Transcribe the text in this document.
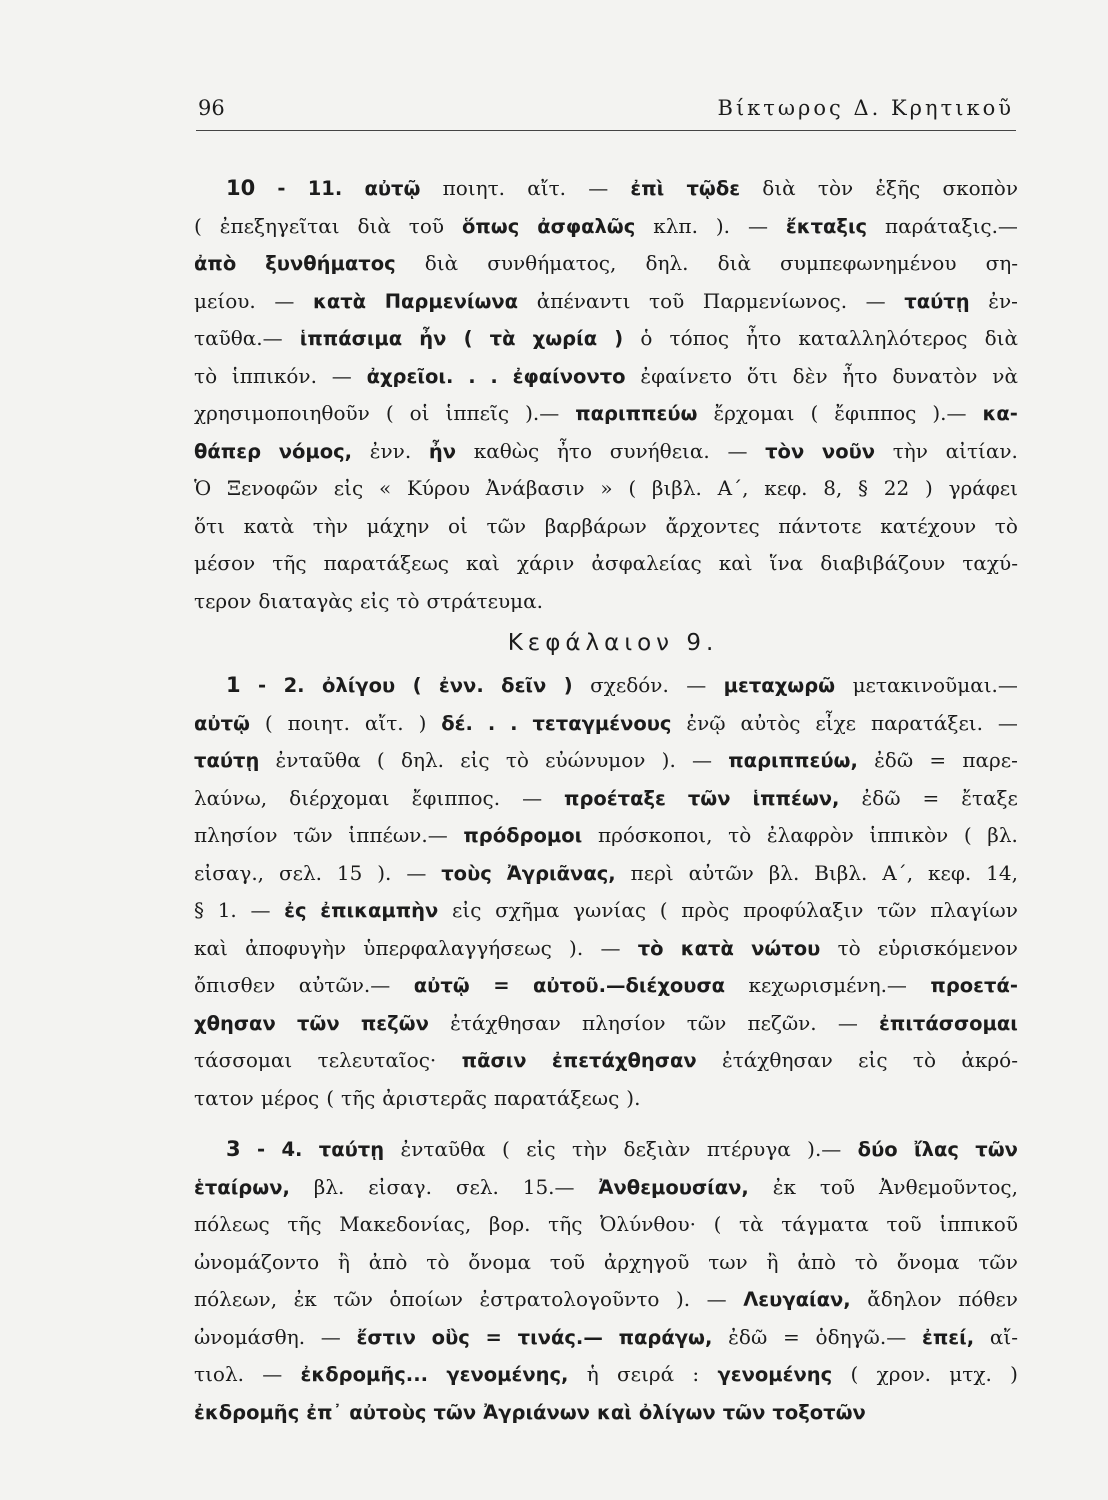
96	Βίκτωρος Δ. Κρητικοῦ
10 - 11. αὐτῷ ποιητ. αἴτ. — ἐπὶ τῷδε διὰ τὸν ἑξῆς σκοπὸν
( ἐπεξηγεῖται διὰ τοῦ ὅπως ἀσφαλῶς κλπ. ). — ἔκταξις παράταξις.—
ἀπὸ ξυνθήματος διὰ συνθήματος, δηλ. διὰ συμπεφωνημένου ση-
μείου. — κατὰ Παρμενίωνα ἀπέναντι τοῦ Παρμενίωνος. — ταύτῃ ἐν-
ταῦθα.— ἱππάσιμα ἦν ( τὰ χωρία ) ὁ τόπος ἦτο καταλληλότερος διὰ
τὸ ἱππικόν. — ἀχρεῖοι. . . ἐφαίνοντο ἐφαίνετο ὅτι δὲν ἦτο δυνατὸν νὰ
χρησιμοποιηθοῦν ( οἱ ἱππεῖς ).— παριππεύω ἔρχομαι ( ἔφιππος ).— κα-
θάπερ νόμος, ἐνν. ἦν καθὼς ἦτο συνήθεια. — τὸν νοῦν τὴν αἰτίαν.
Ὁ Ξενοφῶν εἰς « Κύρου Ἀνάβασιν » ( βιβλ. Α΄, κεφ. 8, § 22 ) γράφει
ὅτι κατὰ τὴν μάχην οἱ τῶν βαρβάρων ἄρχοντες πάντοτε κατέχουν τὸ
μέσον τῆς παρατάξεως καὶ χάριν ἀσφαλείας καὶ ἵνα διαβιβάζουν ταχύ-
τερον διαταγὰς εἰς τὸ στράτευμα.
Κεφάλαιον 9.
1 - 2. ὀλίγου ( ἐνν. δεῖν ) σχεδόν. — μεταχωρῶ μετακινοῦμαι.—
αὐτῷ ( ποιητ. αἴτ. ) δέ. . . τεταγμένους ἐνῷ αὐτὸς εἶχε παρατάξει. —
ταύτῃ ἐνταῦθα ( δηλ. εἰς τὸ εὐώνυμον ). — παριππεύω, ἐδῶ = παρε-
λαύνω, διέρχομαι ἔφιππος. — προέταξε τῶν ἱππέων, ἐδῶ = ἔταξε
πλησίον τῶν ἱππέων.— πρόδρομοι πρόσκοποι, τὸ ἐλαφρὸν ἱππικὸν ( βλ.
εἰσαγ., σελ. 15 ). — τοὺς Ἀγριᾶνας, περὶ αὐτῶν βλ. Βιβλ. Α΄, κεφ. 14,
§ 1. — ἐς ἐπικαμπὴν εἰς σχῆμα γωνίας ( πρὸς προφύλαξιν τῶν πλαγίων
καὶ ἀποφυγὴν ὑπερφαλαγγήσεως ). — τὸ κατὰ νώτου τὸ εὑρισκόμενον
ὄπισθεν αὐτῶν.— αὐτῷ = αὐτοῦ.—διέχουσα κεχωρισμένη.— προετά-
χθησαν τῶν πεζῶν ἐτάχθησαν πλησίον τῶν πεζῶν. — ἐπιτάσσομαι
τάσσομαι τελευταῖος· πᾶσιν ἐπετάχθησαν ἐτάχθησαν εἰς τὸ ἀκρό-
τατον μέρος ( τῆς ἀριστερᾶς παρατάξεως ).
3 - 4. ταύτῃ ἐνταῦθα ( εἰς τὴν δεξιὰν πτέρυγα ).— δύο ἴλας τῶν
ἑταίρων, βλ. εἰσαγ. σελ. 15.— Ἀνθεμουσίαν, ἐκ τοῦ Ἀνθεμοῦντος,
πόλεως τῆς Μακεδονίας, βορ. τῆς Ὀλύνθου· ( τὰ τάγματα τοῦ ἱππικοῦ
ὠνομάζοντο ἢ ἀπὸ τὸ ὄνομα τοῦ ἀρχηγοῦ των ἢ ἀπὸ τὸ ὄνομα τῶν
πόλεων, ἐκ τῶν ὁποίων ἐστρατολογοῦντο ). — Λευγαίαν, ἄδηλον πόθεν
ὠνομάσθη. — ἔστιν οὓς = τινάς.— παράγω, ἐδῶ = ὁδηγῶ.— ἐπεί, αἴ-
τιολ. — ἐκδρομῆς... γενομένης, ἡ σειρά : γενομένης ( χρον. μτχ. )
ἐκδρομῆς ἐπ᾽ αὐτοὺς τῶν Ἀγριάνων καὶ ὀλίγων τῶν τοξοτῶν
